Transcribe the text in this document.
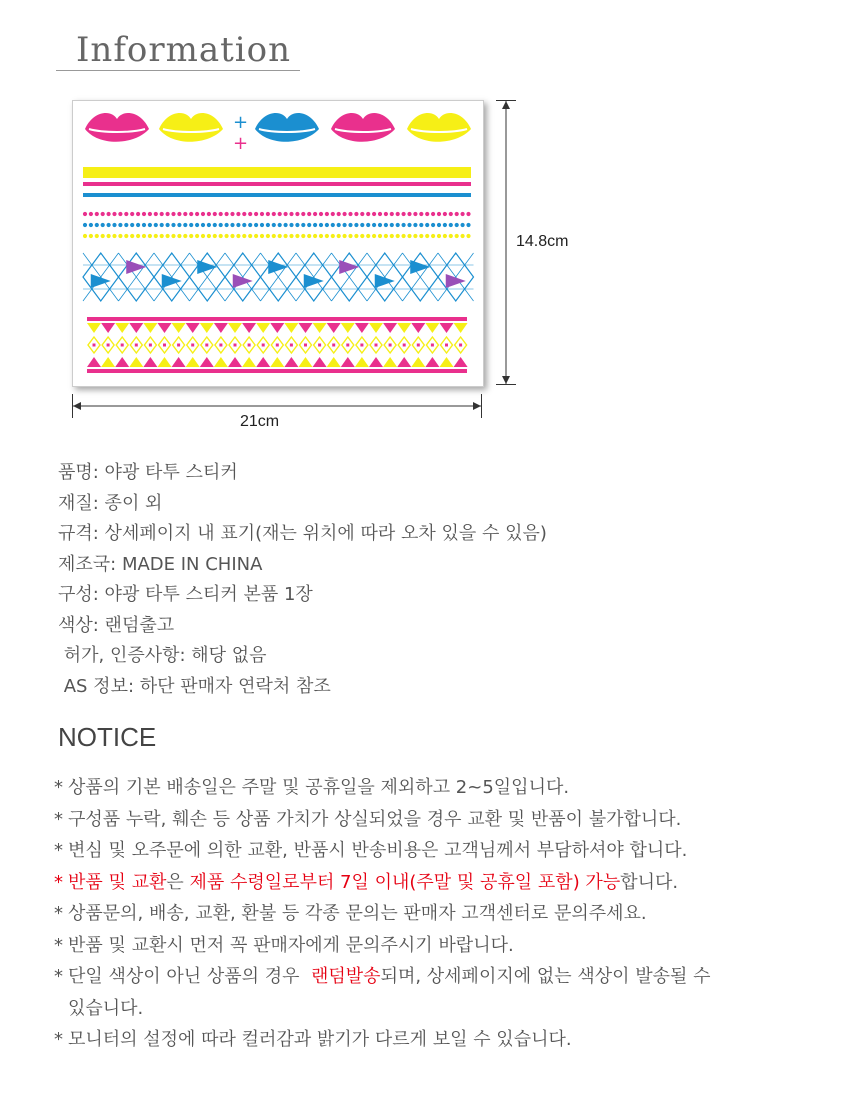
Information
+
+
14.8cm
21cm
품명: 야광 타투 스티커
재질: 종이 외
규격: 상세페이지 내 표기(재는 위치에 따라 오차 있을 수 있음)
제조국: MADE IN CHINA
구성: 야광 타투 스티커 본품 1장
색상: 랜덤출고
허가, 인증사항: 해당 없음
AS 정보: 하단 판매자 연락처 참조
NOTICE
* 상품의 기본 배송일은 주말 및 공휴일을 제외하고 2~5일입니다.
* 구성품 누락, 훼손 등 상품 가치가 상실되었을 경우 교환 및 반품이 불가합니다.
* 변심 및 오주문에 의한 교환, 반품시 반송비용은 고객님께서 부담하셔야 합니다.
* 반품 및 교환은 제품 수령일로부터 7일 이내(주말 및 공휴일 포함) 가능합니다.
* 상품문의, 배송, 교환, 환불 등 각종 문의는 판매자 고객센터로 문의주세요.
* 반품 및 교환시 먼저 꼭 판매자에게 문의주시기 바랍니다.
* 단일 색상이 아닌 상품의 경우  랜덤발송되며, 상세페이지에 없는 색상이 발송될 수
있습니다.
* 모니터의 설정에 따라 컬러감과 밝기가 다르게 보일 수 있습니다.
